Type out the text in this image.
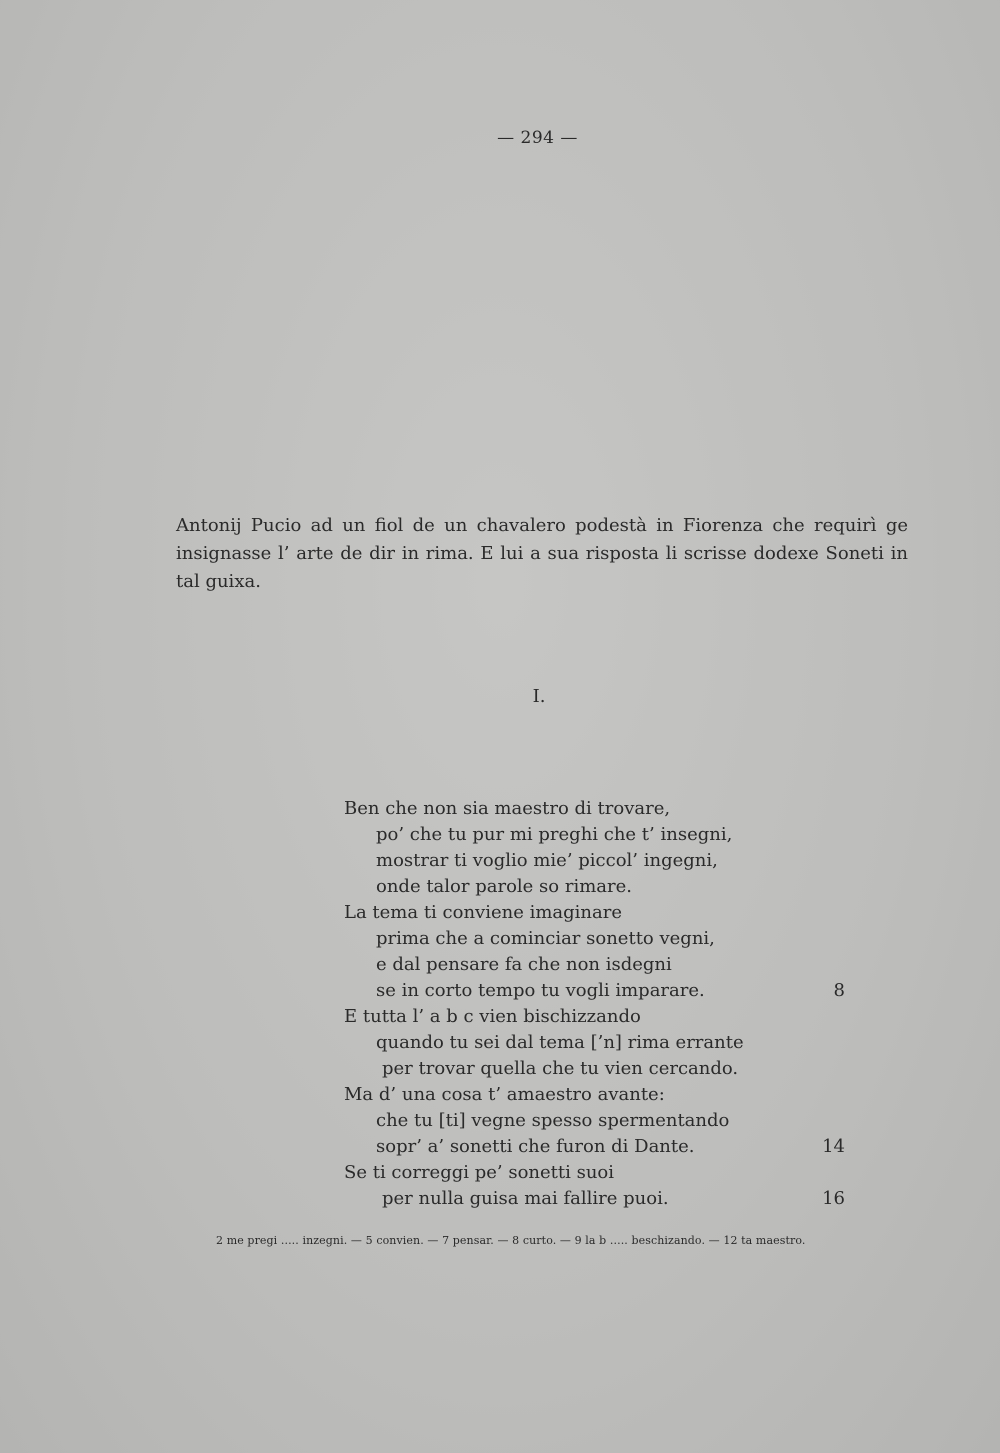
— 294 —
Antonij Pucio ad un fiol de un chavalero podestà in Fiorenza che requirì ge
insignasse l’ arte de dir in rima. E lui a sua risposta li scrisse dodexe Soneti in
tal guixa.
I.
Ben che non sia maestro di trovare,
po’ che tu pur mi preghi che t’ insegni,
mostrar ti voglio mie’ piccol’ ingegni,
onde talor parole so rimare.
La tema ti conviene imaginare
prima che a cominciar sonetto vegni,
e dal pensare fa che non isdegni
se in corto tempo tu vogli imparare.	8
E tutta l’ a b c vien bischizzando
quando tu sei dal tema [’n] rima errante
per trovar quella che tu vien cercando.
Ma d’ una cosa t’ amaestro avante:
che tu [ti] vegne spesso spermentando
sopr’ a’ sonetti che furon di Dante.	14
Se ti correggi pe’ sonetti suoi
per nulla guisa mai fallire puoi.	16
2 me pregi ..... inzegni. — 5 convien. — 7 pensar. — 8 curto. — 9 la b ..... beschizando. — 12 ta maestro.
